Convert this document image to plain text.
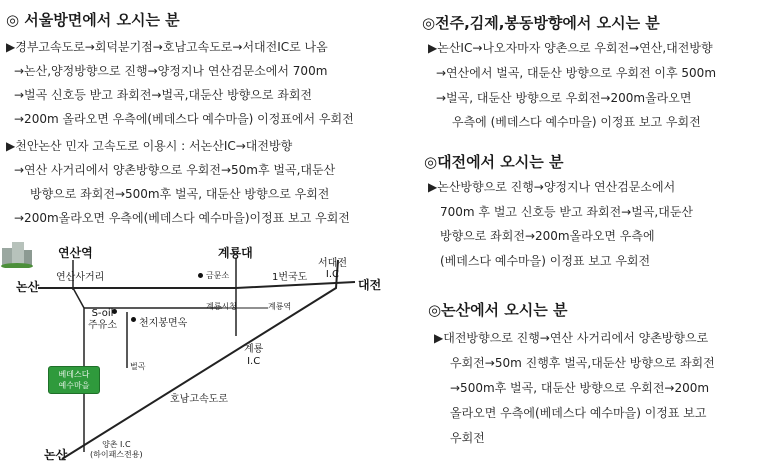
◎ 서울방면에서 오시는 분
▶경부고속도로→회덕분기점→호남고속도로→서대전IC로 나옴
→논산,양정방향으로 진행→양정지나 연산검문소에서 700m
→벌곡 신호등 받고 좌회전→벌곡,대둔산 방향으로 좌회전
→200m 올라오면 우측에(베데스다 예수마을) 이정표에서 우회전
▶천안논산 민자 고속도로 이용시 : 서논산IC→대전방향
→연산 사거리에서 양촌방향으로 우회전→50m후 벌곡,대둔산
방향으로 좌회전→500m후 벌곡, 대둔산 방향으로 우회전
→200m올라오면 우측에(베데스다 예수마을)이정표 보고 우회전
◎전주,김제,봉동방향에서 오시는 분
▶논산IC→나오자마자 양촌으로 우회전→연산,대전방향
→연산에서 벌곡, 대둔산 방향으로 우회전 이후 500m
→벌곡, 대둔산 방향으로 우회전→200m올라오면
우측에 (베데스다 예수마을) 이정표 보고 우회전
◎대전에서 오시는 분
▶논산방향으로 진행→양정지나 연산검문소에서
700m 후 벌고 신호등 받고 좌회전→벌곡,대둔산
방향으로 좌회전→200m올라오면 우측에
(베데스다 예수마을) 이정표 보고 우회전
◎논산에서 오시는 분
▶대전방향으로 진행→연산 사거리에서 양촌방향으로
우회전→50m 진행후 벌곡,대둔산 방향으로 좌회전
→500m후 벌곡, 대둔산 방향으로 우회전→200m
올라오면 우측에(베데스다 예수마을) 이정표 보고
우회전
연산역	계룡대
서대전
I.C
연산사거리	금문소	1번국도
논산	대전
계룡시청	계룡역
S-oil
주유소 천지봉면옥
계룡
I.C
베데스다
예수마을
벌곡
호남고속도로
논산
양촌 I.C
(하이패스전용)
